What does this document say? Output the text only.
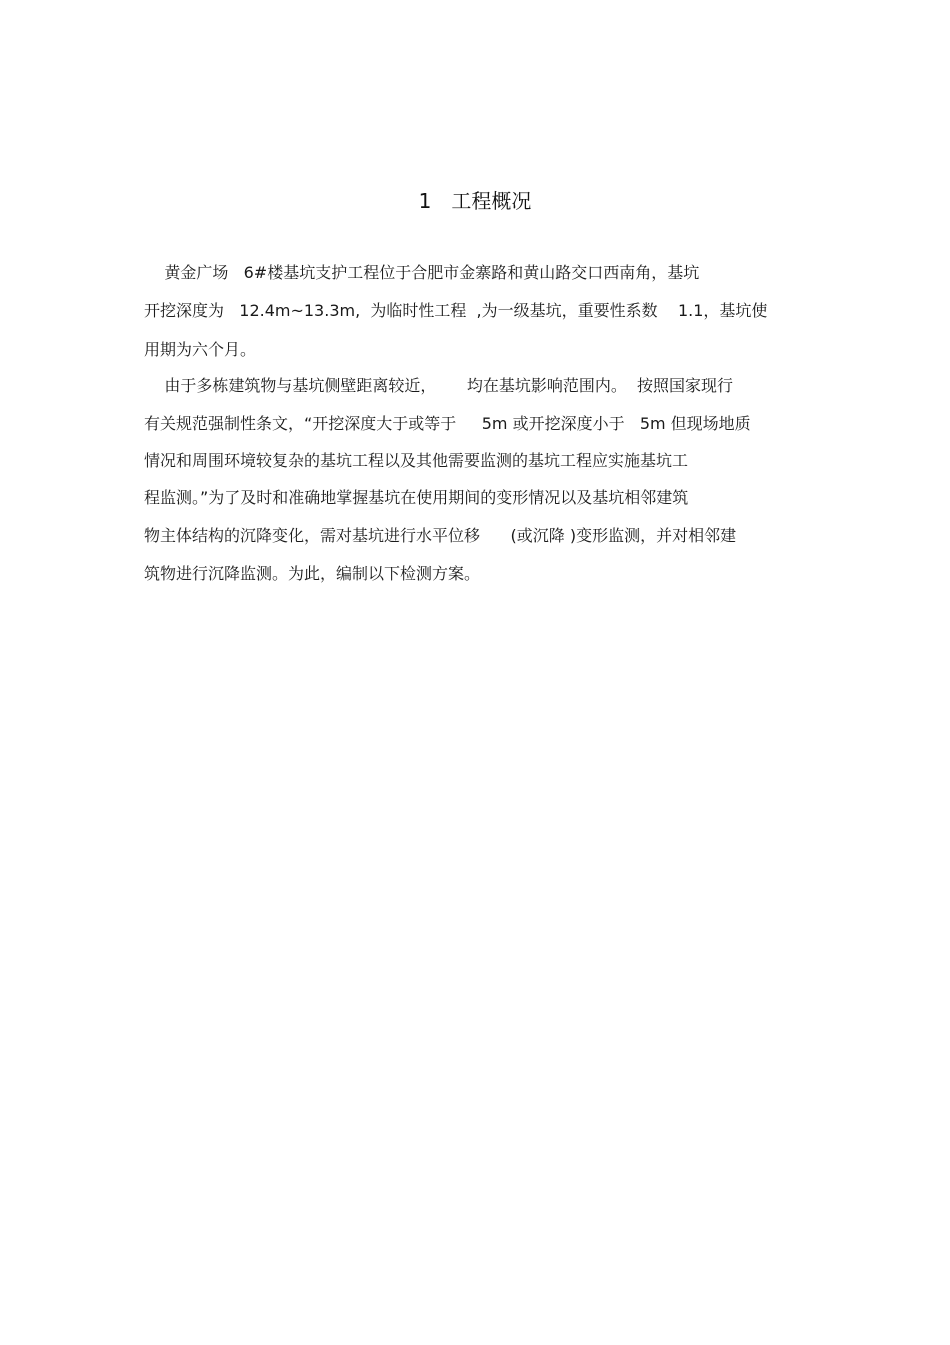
1 工程概况
黄金广场   6#楼基坑支护工程位于合肥市金寨路和黄山路交口西南角，基坑
开挖深度为   12.4m~13.3m,  为临时性工程  ,为一级基坑，重要性系数    1.1，基坑使
用期为六个月。
由于多栋建筑物与基坑侧壁距离较近，      均在基坑影响范围内。  按照国家现行
有关规范强制性条文，“开挖深度大于或等于     5m 或开挖深度小于   5m 但现场地质
情况和周围环境较复杂的基坑工程以及其他需要监测的基坑工程应实施基坑工
程监测。”为了及时和准确地掌握基坑在使用期间的变形情况以及基坑相邻建筑
物主体结构的沉降变化，需对基坑进行水平位移      (或沉降 )变形监测，并对相邻建
筑物进行沉降监测。为此，编制以下检测方案。
